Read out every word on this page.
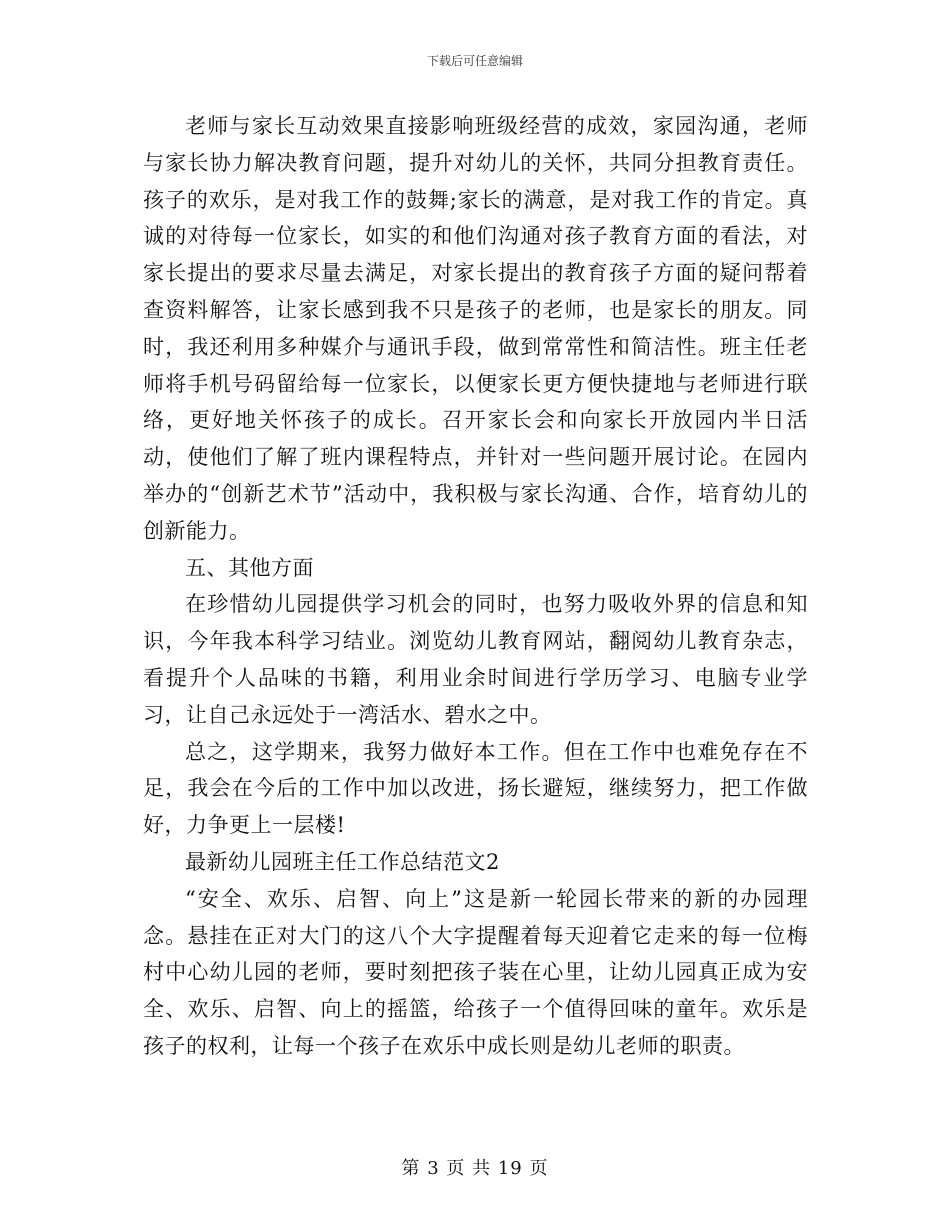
下载后可任意编辑

老师与家长互动效果直接影响班级经营的成效，家园沟通，老师与家长协力解决教育问题，提升对幼儿的关怀，共同分担教育责任。孩子的欢乐，是对我工作的鼓舞;家长的满意，是对我工作的肯定。真诚的对待每一位家长，如实的和他们沟通对孩子教育方面的看法，对家长提出的要求尽量去满足，对家长提出的教育孩子方面的疑问帮着查资料解答，让家长感到我不只是孩子的老师，也是家长的朋友。同时，我还利用多种媒介与通讯手段，做到常常性和简洁性。班主任老师将手机号码留给每一位家长，以便家长更方便快捷地与老师进行联络，更好地关怀孩子的成长。召开家长会和向家长开放园内半日活动，使他们了解了班内课程特点，并针对一些问题开展讨论。在园内举办的“创新艺术节”活动中，我积极与家长沟通、合作，培育幼儿的创新能力。

五、其他方面

在珍惜幼儿园提供学习机会的同时，也努力吸收外界的信息和知识，今年我本科学习结业。浏览幼儿教育网站，翻阅幼儿教育杂志，看提升个人品味的书籍，利用业余时间进行学历学习、电脑专业学习，让自己永远处于一湾活水、碧水之中。

总之，这学期来，我努力做好本工作。但在工作中也难免存在不足，我会在今后的工作中加以改进，扬长避短，继续努力，把工作做好，力争更上一层楼!

最新幼儿园班主任工作总结范文2

“安全、欢乐、启智、向上”这是新一轮园长带来的新的办园理念。悬挂在正对大门的这八个大字提醒着每天迎着它走来的每一位梅村中心幼儿园的老师，要时刻把孩子装在心里，让幼儿园真正成为安全、欢乐、启智、向上的摇篮，给孩子一个值得回味的童年。欢乐是孩子的权利，让每一个孩子在欢乐中成长则是幼儿老师的职责。

第 3 页 共 19 页
